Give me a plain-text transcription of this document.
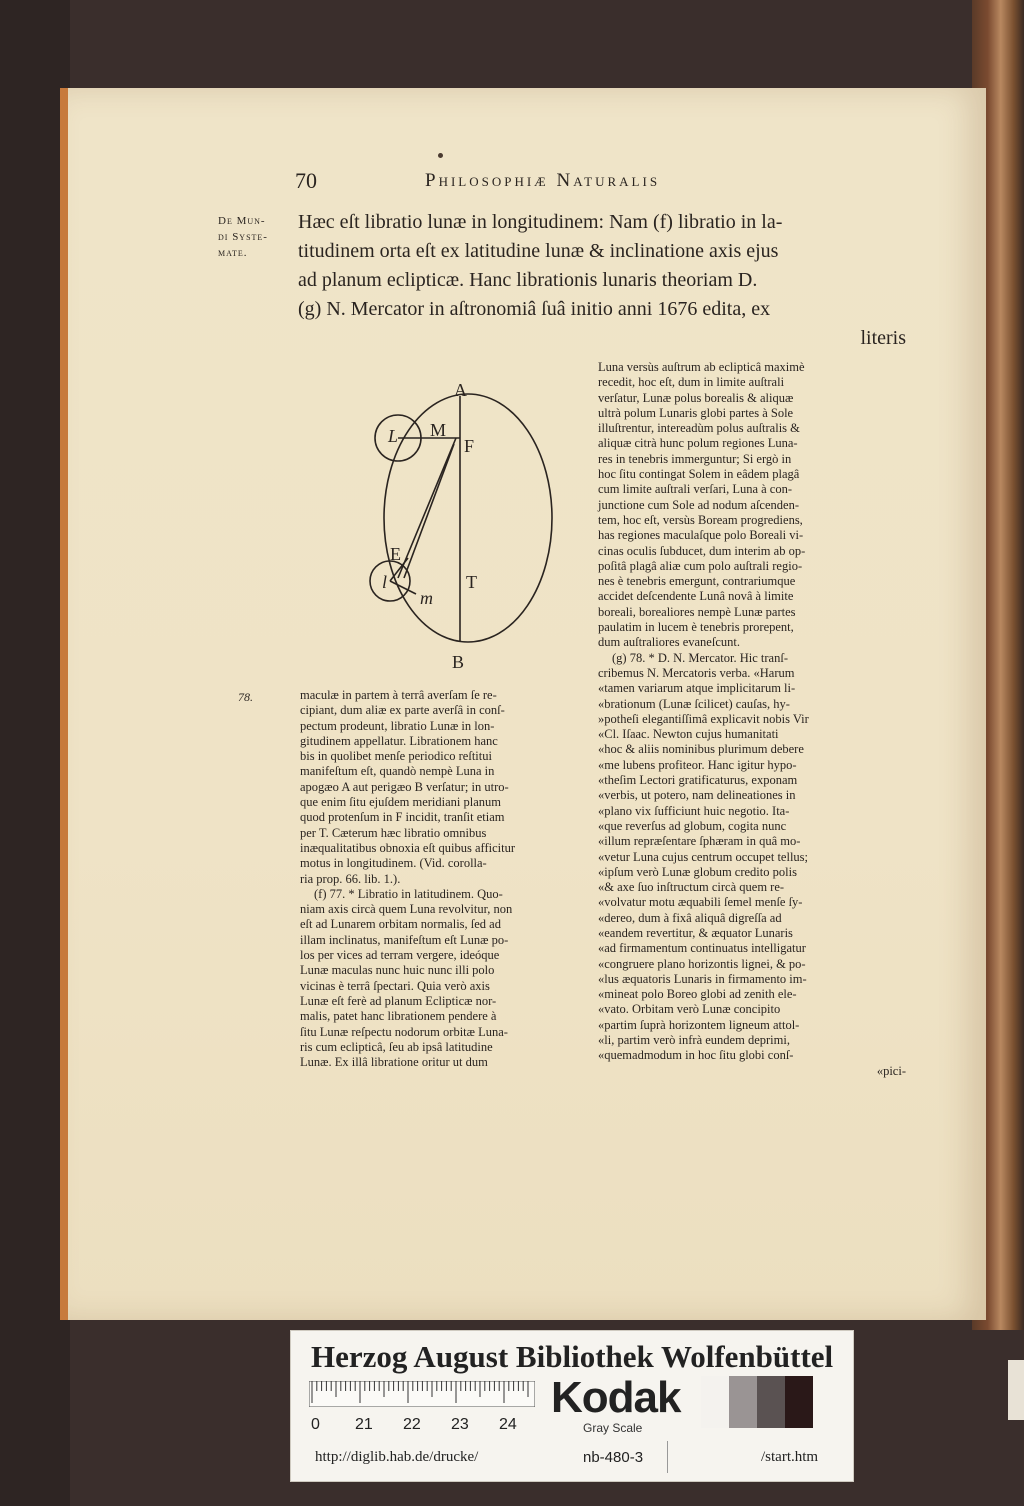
70	Philosophiæ Naturalis
De Mun-
di Syste-
mate.
Hæc eſt libratio lunæ in longitudinem: Nam (f) libratio in la-
titudinem orta eſt ex latitudine lunæ & inclinatione axis ejus
ad planum eclipticæ. Hanc librationis lunaris theoriam D.
(g) N. Mercator in aſtronomiâ ſuâ initio anni 1676 edita, ex
literis
A
B
F
T
M
L
E
l
m
78.	maculæ in partem à terrâ averſam ſe re-

cipiant, dum aliæ ex parte averſâ in conſ-

pectum prodeunt, libratio Lunæ in lon-

gitudinem appellatur. Librationem hanc

bis in quolibet menſe periodico reſtitui

manifeſtum eſt, quandò nempè Luna in

apogæo A aut perigæo B verſatur; in utro-

que enim ſitu ejuſdem meridiani planum

quod protenſum in F incidit, tranſit etiam

per T. Cæterum hæc libratio omnibus

inæqualitatibus obnoxia eſt quibus afficitur

motus in longitudinem. (Vid. corolla-

ria prop. 66. lib. 1.).

(f) 77. * Libratio in latitudinem. Quo-

niam axis circà quem Luna revolvitur, non

eſt ad Lunarem orbitam normalis, ſed ad

illam inclinatus, manifeſtum eſt Lunæ po-

los per vices ad terram vergere, ideóque

Lunæ maculas nunc huic nunc illi polo

vicinas è terrâ ſpectari. Quia verò axis

Lunæ eſt ferè ad planum Eclipticæ nor-

malis, patet hanc librationem pendere à

ſitu Lunæ reſpectu nodorum orbitæ Luna-

ris cum eclipticâ, ſeu ab ipsâ latitudine

Lunæ. Ex illâ libratione oritur ut dum

Luna versùs auſtrum ab eclipticâ maximè

recedit, hoc eſt, dum in limite auſtrali

verſatur, Lunæ polus borealis & aliquæ

ultrà polum Lunaris globi partes à Sole

illuſtrentur, intereadùm polus auſtralis &

aliquæ citrà hunc polum regiones Luna-

res in tenebris immerguntur; Si ergò in

hoc ſitu contingat Solem in eâdem plagâ

cum limite auſtrali verſari, Luna à con-

junctione cum Sole ad nodum aſcenden-

tem, hoc eſt, versùs Boream progrediens,

has regiones maculaſque polo Boreali vi-

cinas oculis ſubducet, dum interim ab op-

poſitâ plagâ aliæ cum polo auſtrali regio-

nes è tenebris emergunt, contrariumque

accidet deſcendente Lunâ novâ à limite

boreali, borealiores nempè Lunæ partes

paulatim in lucem è tenebris prorepent,

dum auſtraliores evaneſcunt.

(g) 78. * D. N. Mercator. Hic tranſ-

cribemus N. Mercatoris verba. «Harum

«tamen variarum atque implicitarum li-

«brationum (Lunæ ſcilicet) cauſas, hy-

»potheſi elegantiſſimâ explicavit nobis Vir

«Cl. Iſaac. Newton cujus humanitati

«hoc & aliis nominibus plurimum debere

«me lubens profiteor. Hanc igitur hypo-

«theſim Lectori gratificaturus, exponam

«verbis, ut potero, nam delineationes in

«plano vix ſufficiunt huic negotio. Ita-

«que reverſus ad globum, cogita nunc

«illum repræſentare ſphæram in quâ mo-

«vetur Luna cujus centrum occupet tellus;

«ipſum verò Lunæ globum credito polis

«& axe ſuo inſtructum circà quem re-

«volvatur motu æquabili ſemel menſe ſy-

«dereo, dum à fixâ aliquâ digreſſa ad

«eandem revertitur, & æquator Lunaris

«ad firmamentum continuatus intelligatur

«congruere plano horizontis lignei, & po-

«lus æquatoris Lunaris in firmamento im-

«mineat polo Boreo globi ad zenith ele-

«vato. Orbitam verò Lunæ concipito

«partim ſuprà horizontem ligneum attol-

«li, partim verò infrà eundem deprimi,

«quemadmodum in hoc ſitu globi conſ-

«pici-

Herzog August Bibliothek Wolfenbüttel
0 21 22 23 24
Kodak
Gray Scale
http://diglib.hab.de/drucke/	nb-480-3	/start.htm
